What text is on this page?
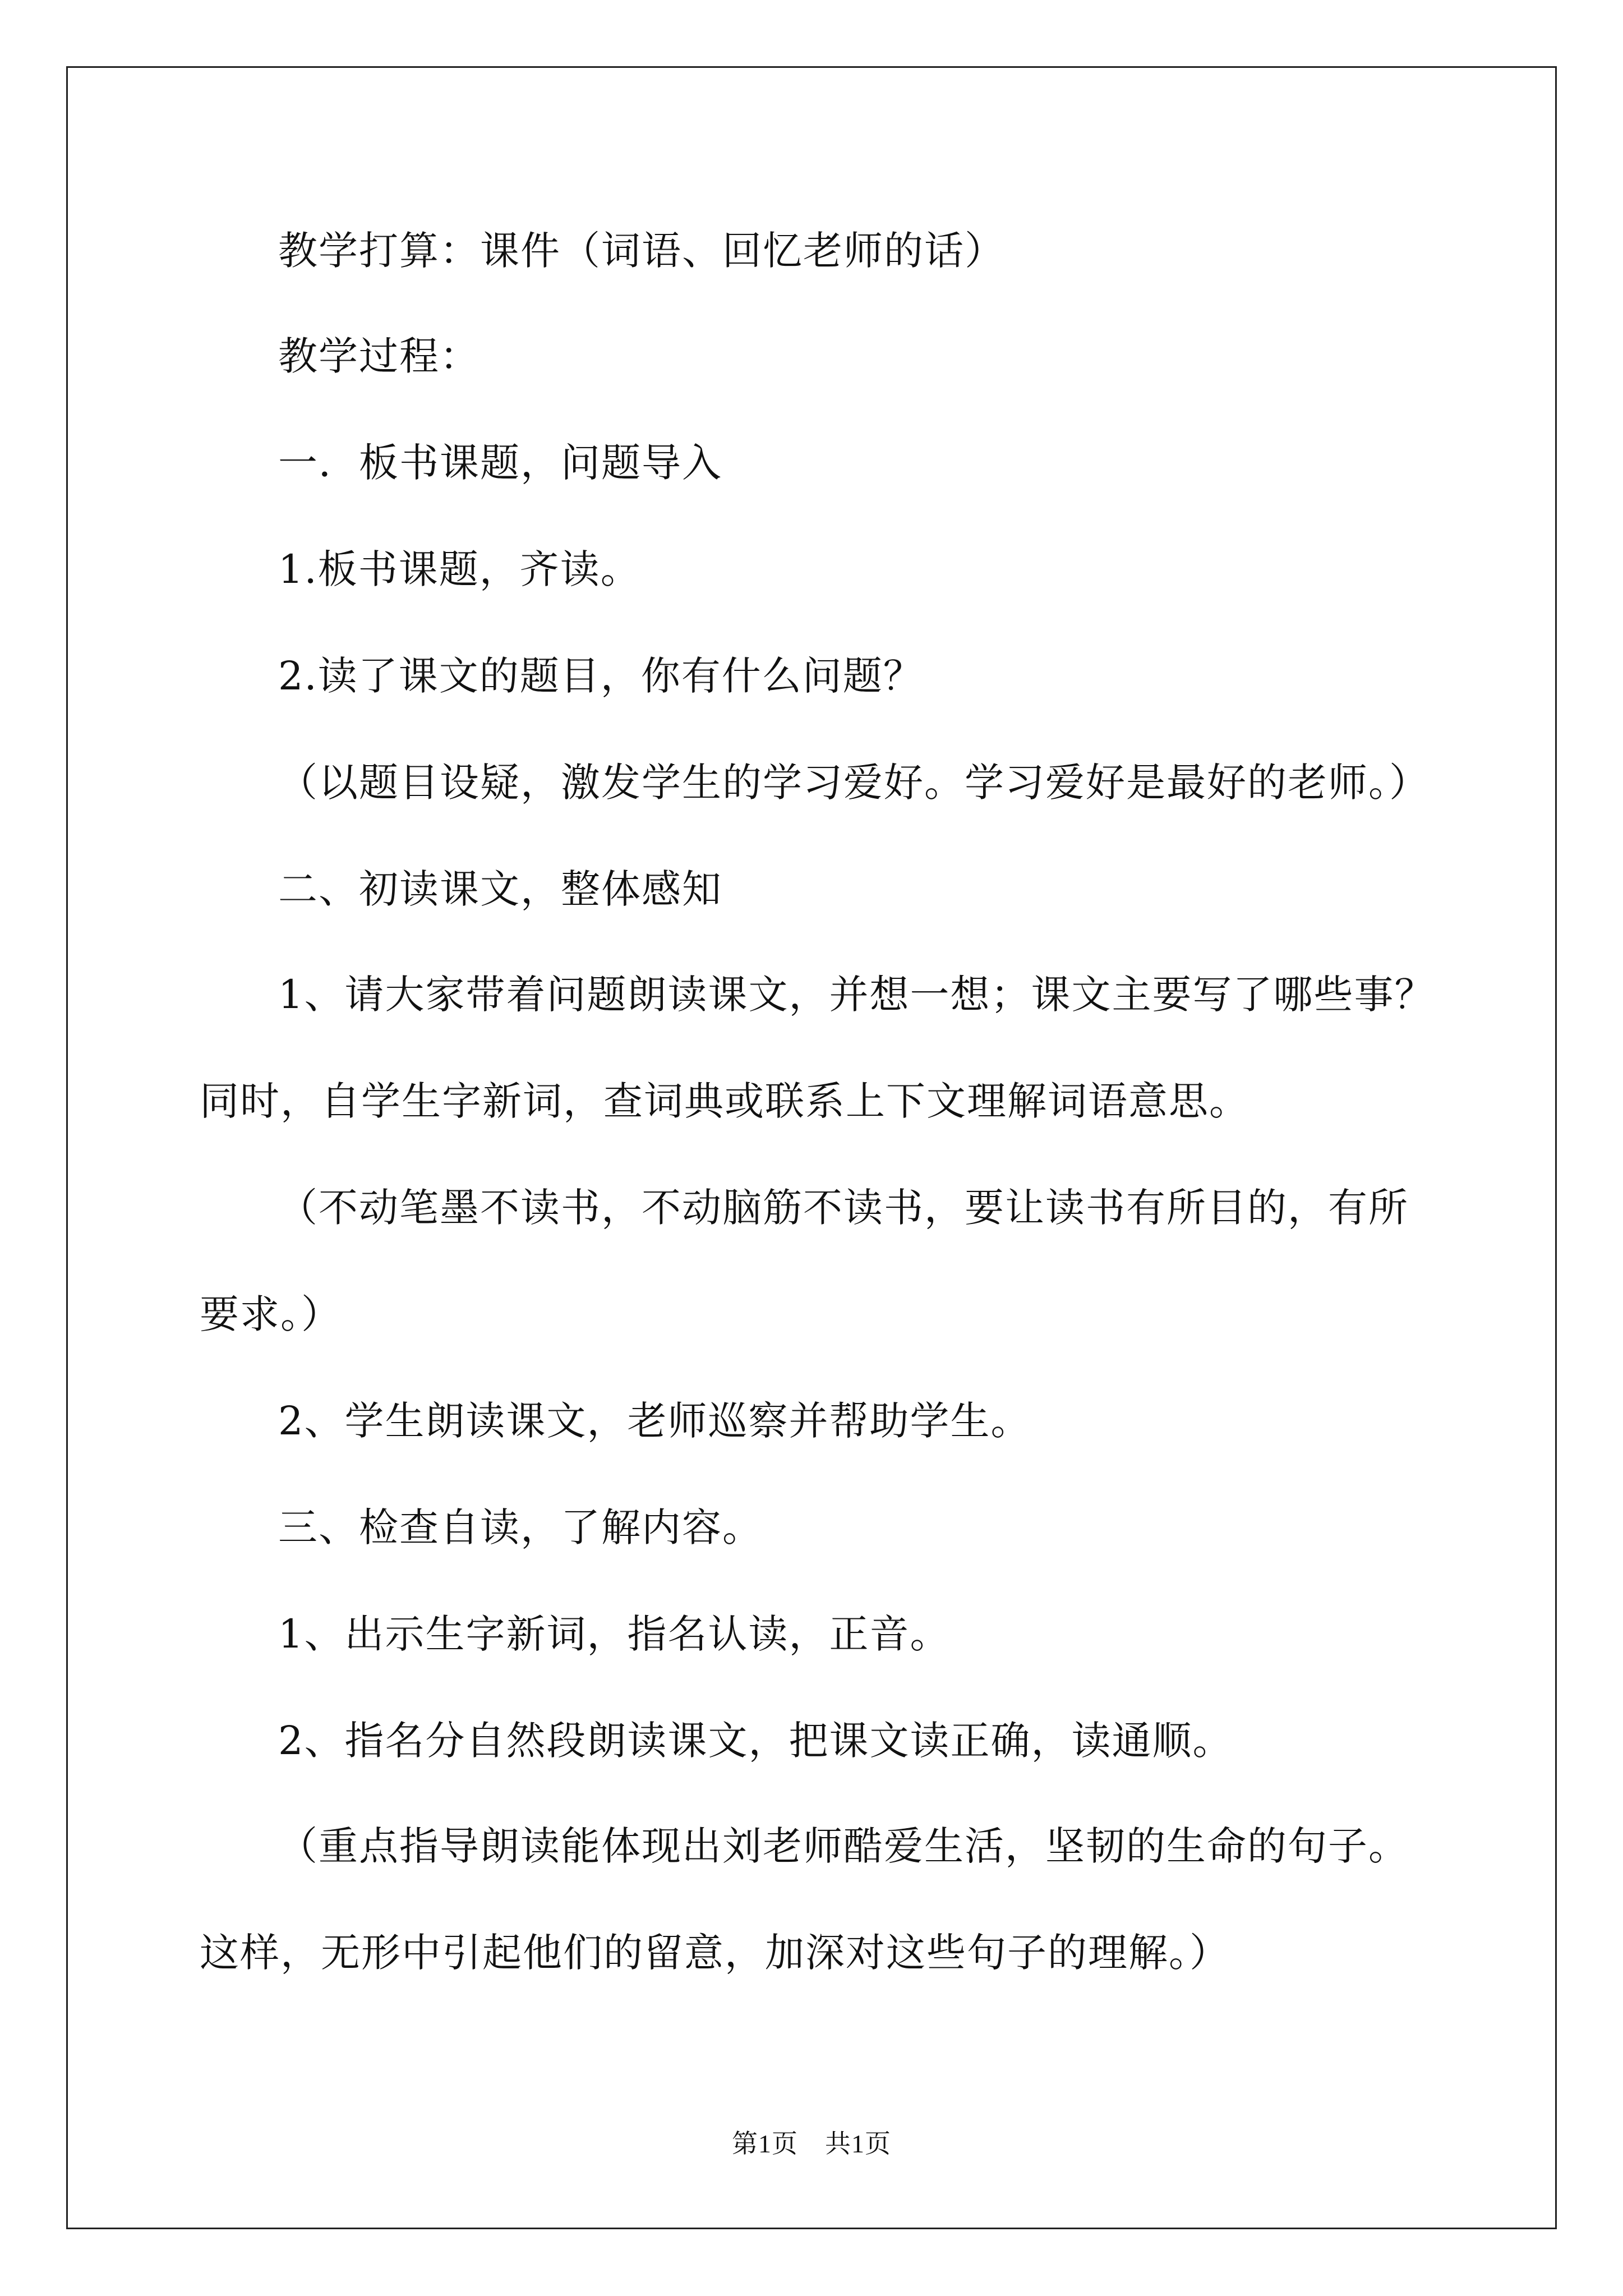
教学打算：课件（词语、回忆老师的话）
教学过程：
一．板书课题，问题导入
1.板书课题，齐读。
2.读了课文的题目，你有什么问题？
（以题目设疑，激发学生的学习爱好。学习爱好是最好的老师。）
二、初读课文，整体感知
1、请大家带着问题朗读课文，并想一想；课文主要写了哪些事？
同时，自学生字新词，查词典或联系上下文理解词语意思。
（不动笔墨不读书，不动脑筋不读书，要让读书有所目的，有所
要求。）
2、学生朗读课文，老师巡察并帮助学生。
三、检查自读，了解内容。
1、出示生字新词，指名认读，正音。
2、指名分自然段朗读课文，把课文读正确，读通顺。
（重点指导朗读能体现出刘老师酷爱生活，坚韧的生命的句子。
这样，无形中引起他们的留意，加深对这些句子的理解。）
第1页 共1页
